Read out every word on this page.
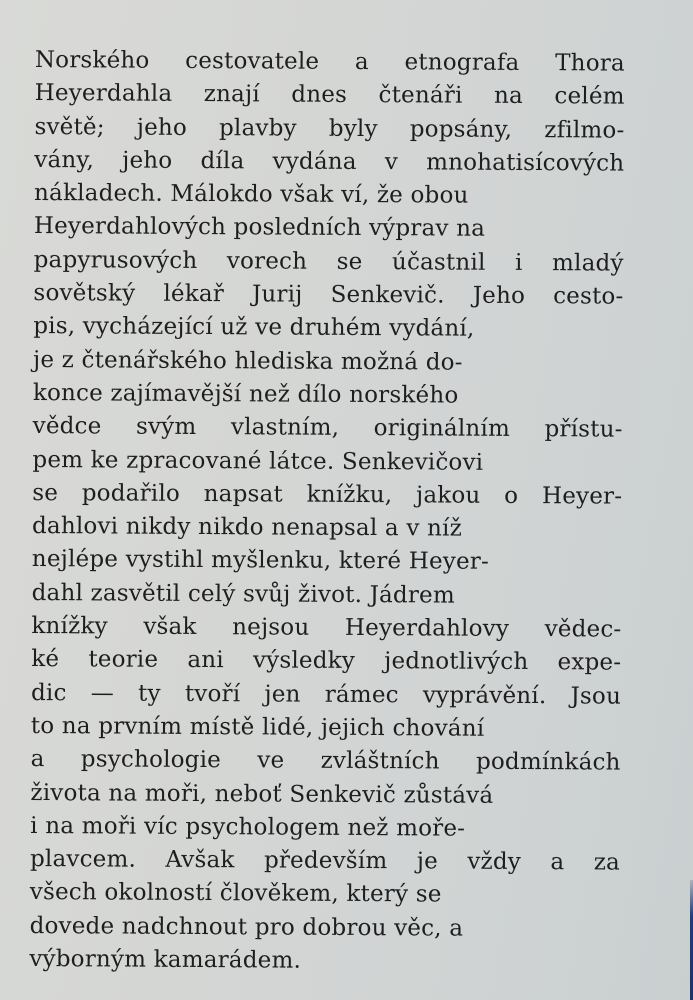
Norského cestovatele a etnografa Thora
Heyerdahla znají dnes čtenáři na celém
světě; jeho plavby byly popsány, zfilmo-
vány, jeho díla vydána v mnohatisícových
nákladech. Málokdo však ví, že obou
Heyerdahlových posledních výprav na
papyrusových vorech se účastnil i mladý
sovětský lékař Jurij Senkevič. Jeho cesto-
pis, vycházející už ve druhém vydání,
je z čtenářského hlediska možná do-
konce zajímavější než dílo norského
vědce svým vlastním, originálním přístu-
pem ke zpracované látce. Senkevičovi
se podařilo napsat knížku, jakou o Heyer-
dahlovi nikdy nikdo nenapsal a v níž
nejlépe vystihl myšlenku, které Heyer-
dahl zasvětil celý svůj život. Jádrem
knížky však nejsou Heyerdahlovy vědec-
ké teorie ani výsledky jednotlivých expe-
dic — ty tvoří jen rámec vyprávění. Jsou
to na prvním místě lidé, jejich chování
a psychologie ve zvláštních podmínkách
života na moři, neboť Senkevič zůstává
i na moři víc psychologem než moře-
plavcem. Avšak především je vždy a za
všech okolností člověkem, který se
dovede nadchnout pro dobrou věc, a
výborným kamarádem.
